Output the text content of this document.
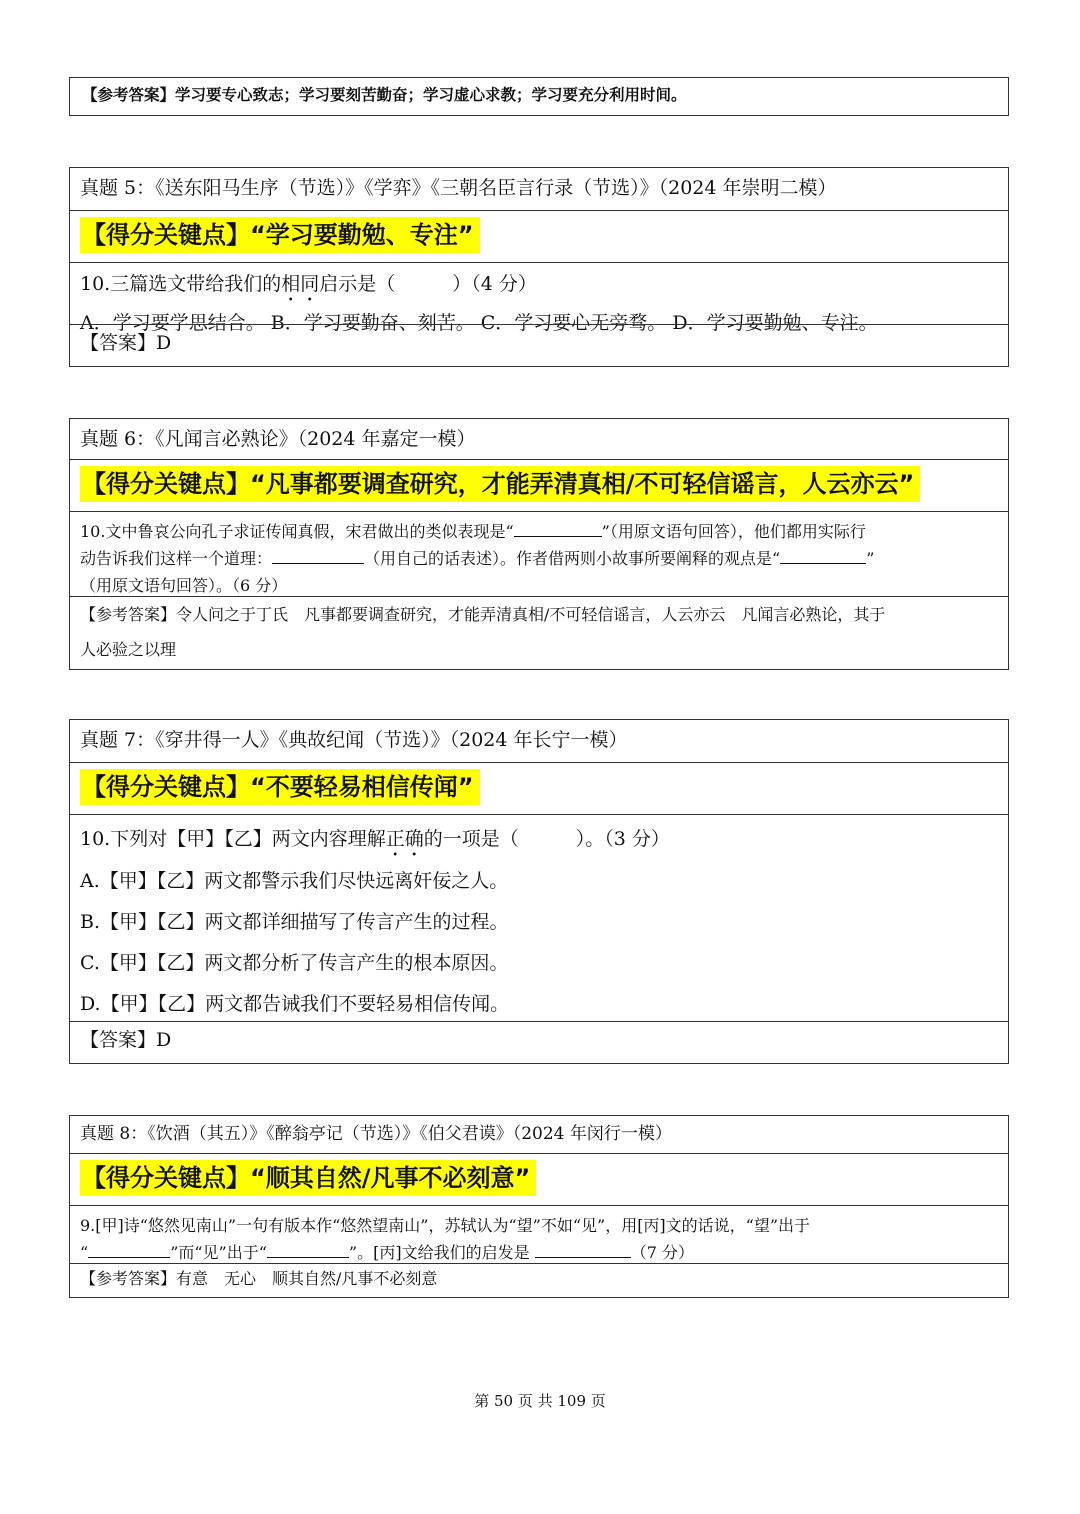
【参考答案】学习要专心致志；学习要刻苦勤奋；学习虚心求教；学习要充分利用时间。
真题 5：《送东阳马生序（节选）》《学弈》《三朝名臣言行录（节选）》（2024 年崇明二模）
【得分关键点】“学习要勤勉、专注”
10.三篇选文带给我们的相同启示是（　　　）（4 分）
A．学习要学思结合。 B．学习要勤奋、刻苦。 C．学习要心无旁骛。 D．学习要勤勉、专注。
【答案】D
真题 6：《凡闻言必熟论》（2024 年嘉定一模）
【得分关键点】“凡事都要调查研究，才能弄清真相/不可轻信谣言，人云亦云”
10.文中鲁哀公向孔子求证传闻真假，宋君做出的类似表现是“	”（用原文语句回答），他们都用实际行
动告诉我们这样一个道理：	（用自己的话表述）。作者借两则小故事所要阐释的观点是“	”
（用原文语句回答）。（6 分）
【参考答案】令人问之于丁氏　凡事都要调查研究，才能弄清真相/不可轻信谣言，人云亦云　凡闻言必熟论，其于
人必验之以理
真题 7：《穿井得一人》《典故纪闻（节选）》（2024 年长宁一模）
【得分关键点】“不要轻易相信传闻”
10.下列对【甲】【乙】两文内容理解正确的一项是（　　　）。（3 分）
A.【甲】【乙】两文都警示我们尽快远离奸佞之人。
B.【甲】【乙】两文都详细描写了传言产生的过程。
C.【甲】【乙】两文都分析了传言产生的根本原因。
D.【甲】【乙】两文都告诫我们不要轻易相信传闻。
【答案】D
真题 8：《饮酒（其五）》《醉翁亭记（节选）》《伯父君谟》（2024 年闵行一模）
【得分关键点】“顺其自然/凡事不必刻意”
9.[甲]诗“悠然见南山”一句有版本作“悠然望南山”，苏轼认为“望”不如“见”，用[丙]文的话说，“望”出于
“	”而“见”出于“	”。[丙]文给我们的启发是	（7 分）
【参考答案】有意　无心　顺其自然/凡事不必刻意
第 50 页 共 109 页
